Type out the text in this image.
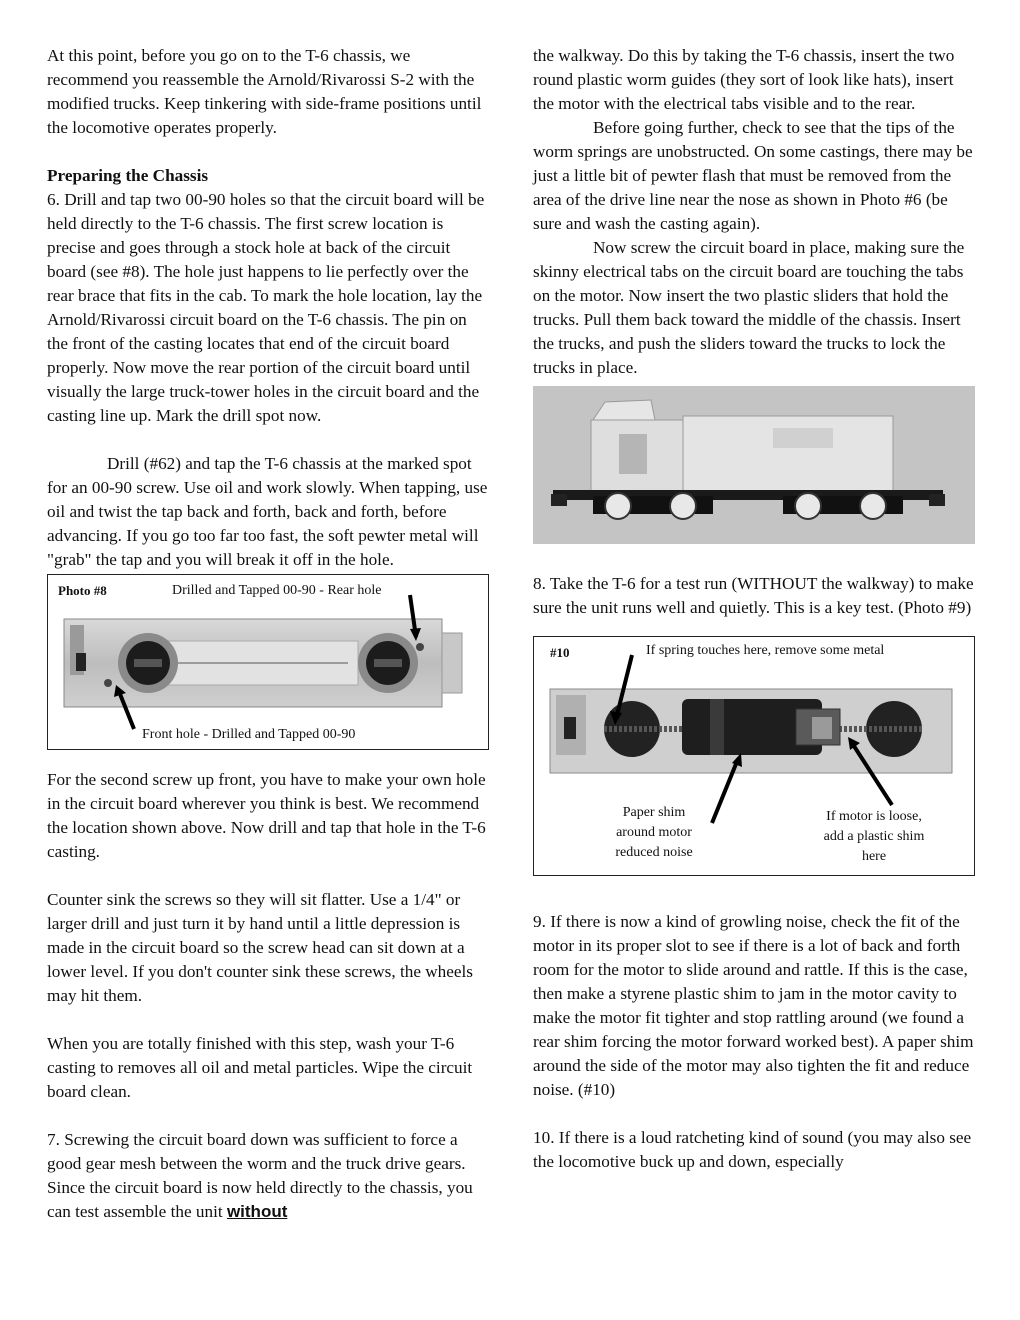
At this point, before you go on to the T-6 chassis, we recommend you reassemble the Arnold/Rivarossi S-2 with the modified trucks. Keep tinkering with side-frame positions until the locomotive operates properly.

Preparing the Chassis

6. Drill and tap two 00-90 holes so that the circuit board will be held directly to the T-6 chassis. The first screw location is precise and goes through a stock hole at back of the circuit board (see #8). The hole just happens to lie perfectly over the rear brace that fits in the cab. To mark the hole location, lay the Arnold/Rivarossi circuit board on the T-6 chassis. The pin on the front of the casting locates that end of the circuit board properly. Now move the rear portion of the circuit board until visually the large truck-tower holes in the circuit board and the casting line up. Mark the drill spot now.

Drill (#62) and tap the T-6 chassis at the marked spot for an 00-90 screw. Use oil and work slowly. When tapping, use oil and twist the tap back and forth, back and forth, before advancing. If you go too far too fast, the soft pewter metal will "grab" the tap and you will break it off in the hole.

Photo #8	Drilled and Tapped 00-90 - Rear hole
Front hole - Drilled and Tapped 00-90

For the second screw up front, you have to make your own hole in the circuit board wherever you think is best. We recommend the location shown above. Now drill and tap that hole in the T-6 casting.

Counter sink the screws so they will sit flatter. Use a 1/4" or larger drill and just turn it by hand until a little depression is made in the circuit board so the screw head can sit down at a lower level. If you don't counter sink these screws, the wheels may hit them.

When you are totally finished with this step, wash your T-6 casting to removes all oil and metal particles. Wipe the circuit board clean.

7. Screwing the circuit board down was sufficient to force a good gear mesh between the worm and the truck drive gears. Since the circuit board is now held directly to the chassis, you can test assemble the unit without

the walkway. Do this by taking the T-6 chassis, insert the two round plastic worm guides (they sort of look like hats), insert the motor with the electrical tabs visible and to the rear.

Before going further, check to see that the tips of the worm springs are unobstructed. On some castings, there may be just a little bit of pewter flash that must be removed from the area of the drive line near the nose as shown in Photo #6 (be sure and wash the casting again).

Now screw the circuit board in place, making sure the skinny electrical tabs on the circuit board are touching the tabs on the motor. Now insert the two plastic sliders that hold the trucks. Pull them back toward the middle of the chassis. Insert the trucks, and push the sliders toward the trucks to lock the trucks in place.

8. Take the T-6 for a test run (WITHOUT the walkway) to make sure the unit runs well and quietly. This is a key test. (Photo #9)

#10	If spring touches here, remove some metal
Paper shim
around motor
reduced noise
If motor is loose,
add a plastic shim
here

9. If there is now a kind of growling noise, check the fit of the motor in its proper slot to see if there is a lot of back and forth room for the motor to slide around and rattle. If this is the case, then make a styrene plastic shim to jam in the motor cavity to make the motor fit tighter and stop rattling around (we found a rear shim forcing the motor forward worked best). A paper shim around the side of the motor may also tighten the fit and reduce noise. (#10)

10. If there is a loud ratcheting kind of sound (you may also see the locomotive buck up and down, especially
